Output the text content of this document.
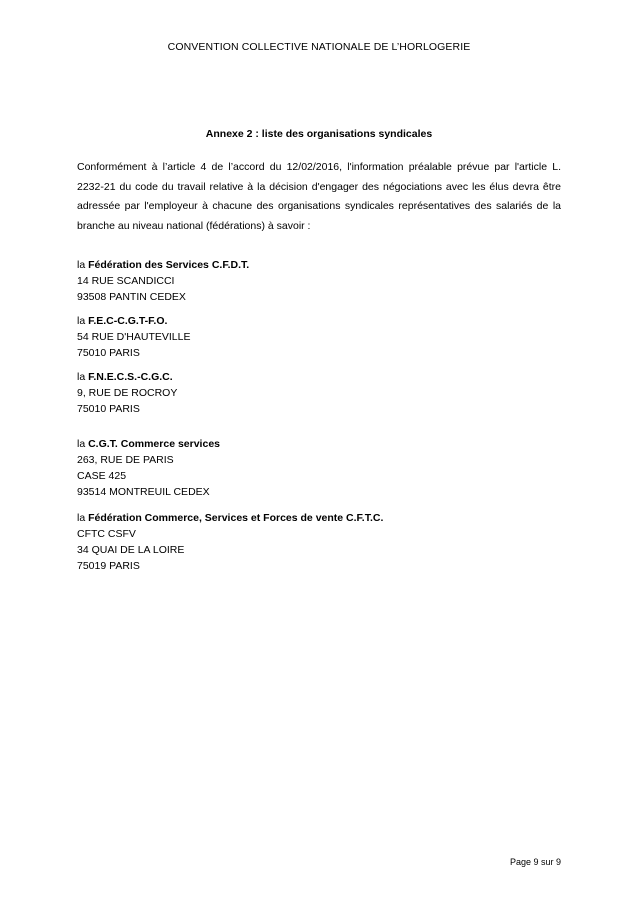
CONVENTION COLLECTIVE NATIONALE DE L’HORLOGERIE
Annexe 2 : liste des organisations syndicales
Conformément à l’article 4 de l’accord du 12/02/2016, l'information préalable prévue par l'article L. 2232-21 du code du travail relative à la décision d'engager des négociations avec les élus devra être adressée par l'employeur à chacune des organisations syndicales représentatives des salariés de la branche au niveau national (fédérations) à savoir :
la Fédération des Services C.F.D.T.
14 RUE SCANDICCI
93508 PANTIN CEDEX
la F.E.C-C.G.T-F.O.
54 RUE D'HAUTEVILLE
75010 PARIS
la F.N.E.C.S.-C.G.C.
9, RUE DE ROCROY
75010 PARIS
la C.G.T. Commerce services
263, RUE DE PARIS
CASE 425
93514 MONTREUIL CEDEX
la Fédération Commerce, Services et Forces de vente C.F.T.C.
CFTC CSFV
34 QUAI DE LA LOIRE
75019 PARIS
Page 9 sur 9
